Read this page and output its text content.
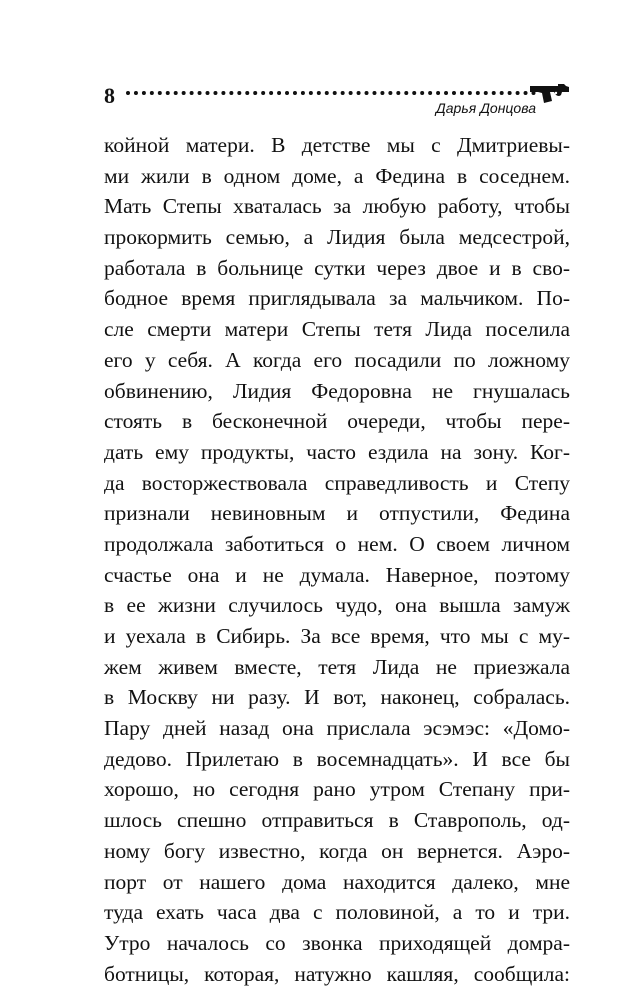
8	Дарья Донцова
койной матери. В детстве мы с Дмитриевы-
ми жили в одном доме, а Федина в соседнем.
Мать Степы хваталась за любую работу, чтобы
прокормить семью, а Лидия была медсестрой,
работала в больнице сутки через двое и в сво-
бодное время приглядывала за мальчиком. По-
сле смерти матери Степы тетя Лида поселила
его у себя. А когда его посадили по ложному
обвинению, Лидия Федоровна не гнушалась
стоять в бесконечной очереди, чтобы пере-
дать ему продукты, часто ездила на зону. Ког-
да восторжествовала справедливость и Степу
признали невиновным и отпустили, Федина
продолжала заботиться о нем. О своем личном
счастье она и не думала. Наверное, поэтому
в ее жизни случилось чудо, она вышла замуж
и уехала в Сибирь. За все время, что мы с му-
жем живем вместе, тетя Лида не приезжала
в Москву ни разу. И вот, наконец, собралась.
Пару дней назад она прислала эсэмэс: «Домо-
дедово. Прилетаю в восемнадцать». И все бы
хорошо, но сегодня рано утром Степану при-
шлось спешно отправиться в Ставрополь, од-
ному богу известно, когда он вернется. Аэро-
порт от нашего дома находится далеко, мне
туда ехать часа два с половиной, а то и три.
Утро началось со звонка приходящей домра-
ботницы, которая, натужно кашляя, сообщила:
